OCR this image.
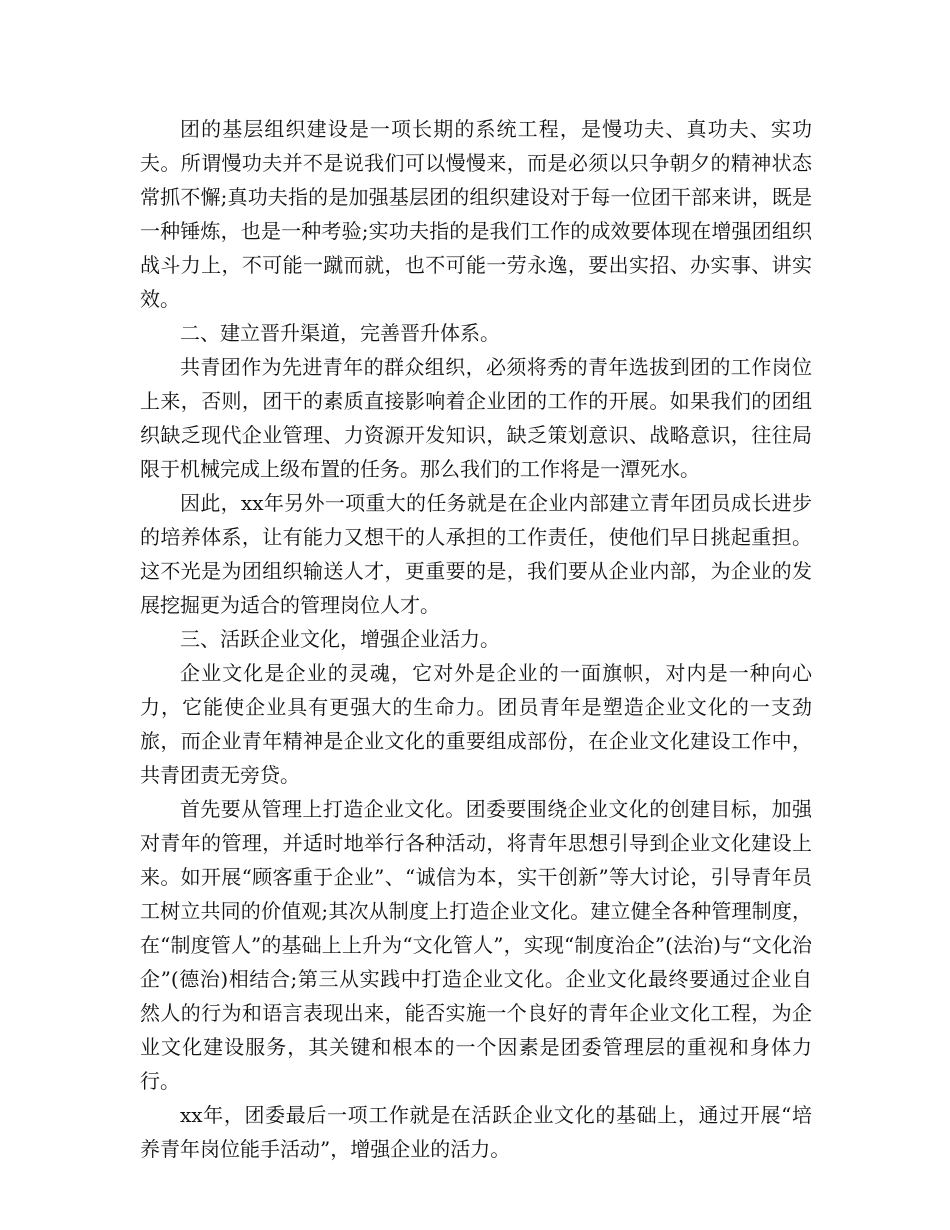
团的基层组织建设是一项长期的系统工程，是慢功夫、真功夫、实功夫。所谓慢功夫并不是说我们可以慢慢来，而是必须以只争朝夕的精神状态常抓不懈;真功夫指的是加强基层团的组织建设对于每一位团干部来讲，既是一种锤炼，也是一种考验;实功夫指的是我们工作的成效要体现在增强团组织战斗力上，不可能一蹴而就，也不可能一劳永逸，要出实招、办实事、讲实效。

二、建立晋升渠道，完善晋升体系。

共青团作为先进青年的群众组织，必须将秀的青年选拔到团的工作岗位上来，否则，团干的素质直接影响着企业团的工作的开展。如果我们的团组织缺乏现代企业管理、力资源开发知识，缺乏策划意识、战略意识，往往局限于机械完成上级布置的任务。那么我们的工作将是一潭死水。

因此，xx年另外一项重大的任务就是在企业内部建立青年团员成长进步的培养体系，让有能力又想干的人承担的工作责任，使他们早日挑起重担。这不光是为团组织输送人才，更重要的是，我们要从企业内部，为企业的发展挖掘更为适合的管理岗位人才。

三、活跃企业文化，增强企业活力。

企业文化是企业的灵魂，它对外是企业的一面旗帜，对内是一种向心力，它能使企业具有更强大的生命力。团员青年是塑造企业文化的一支劲旅，而企业青年精神是企业文化的重要组成部份，在企业文化建设工作中，共青团责无旁贷。

首先要从管理上打造企业文化。团委要围绕企业文化的创建目标，加强对青年的管理，并适时地举行各种活动，将青年思想引导到企业文化建设上来。如开展“顾客重于企业”、“诚信为本，实干创新”等大讨论，引导青年员工树立共同的价值观;其次从制度上打造企业文化。建立健全各种管理制度，在“制度管人”的基础上上升为“文化管人”，实现“制度治企”(法治)与“文化治企”(德治)相结合;第三从实践中打造企业文化。企业文化最终要通过企业自然人的行为和语言表现出来，能否实施一个良好的青年企业文化工程，为企业文化建设服务，其关键和根本的一个因素是团委管理层的重视和身体力行。

xx年，团委最后一项工作就是在活跃企业文化的基础上，通过开展“培养青年岗位能手活动”，增强企业的活力。
